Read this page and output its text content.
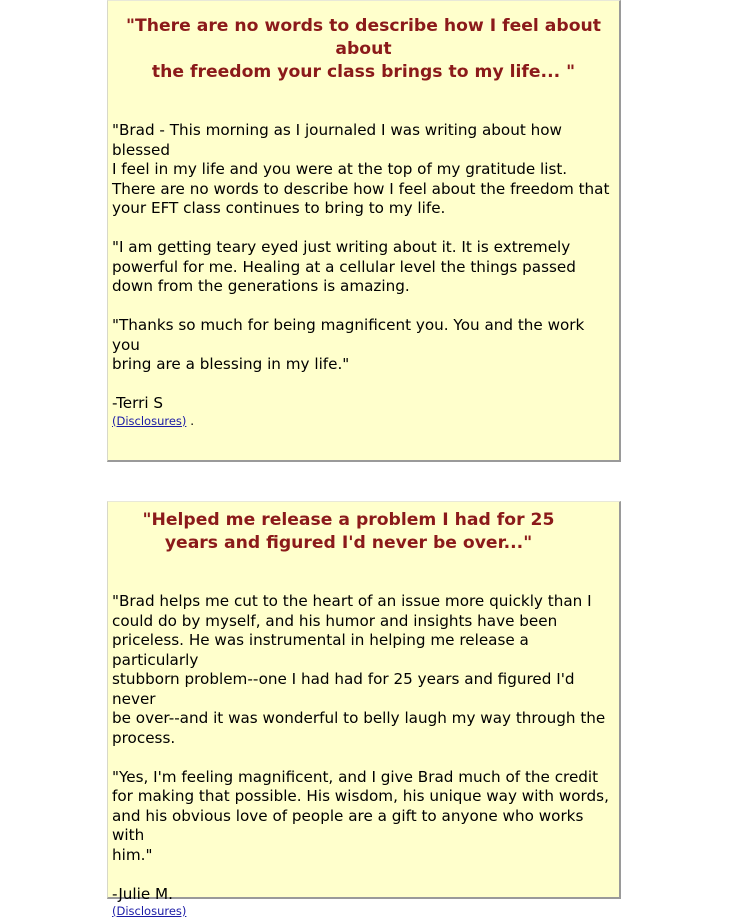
"There are no words to describe how I feel about about
the freedom your class brings to my life... "

"Brad - This morning as I journaled I was writing about how blessed
I feel in my life and you were at the top of my gratitude list.
There are no words to describe how I feel about the freedom that
your EFT class continues to bring to my life.

"I am getting teary eyed just writing about it. It is extremely
powerful for me. Healing at a cellular level the things passed
down from the generations is amazing.

"Thanks so much for being magnificent you. You and the work you
bring are a blessing in my life."

-Terri S

(Disclosures) .

"Helped me release a problem I had for 25
years and figured I'd never be over..."

"Brad helps me cut to the heart of an issue more quickly than I
could do by myself, and his humor and insights have been
priceless. He was instrumental in helping me release a particularly
stubborn problem--one I had had for 25 years and figured I'd never
be over--and it was wonderful to belly laugh my way through the
process.

"Yes, I'm feeling magnificent, and I give Brad much of the credit
for making that possible. His wisdom, his unique way with words,
and his obvious love of people are a gift to anyone who works with
him."

-Julie M.

(Disclosures)
